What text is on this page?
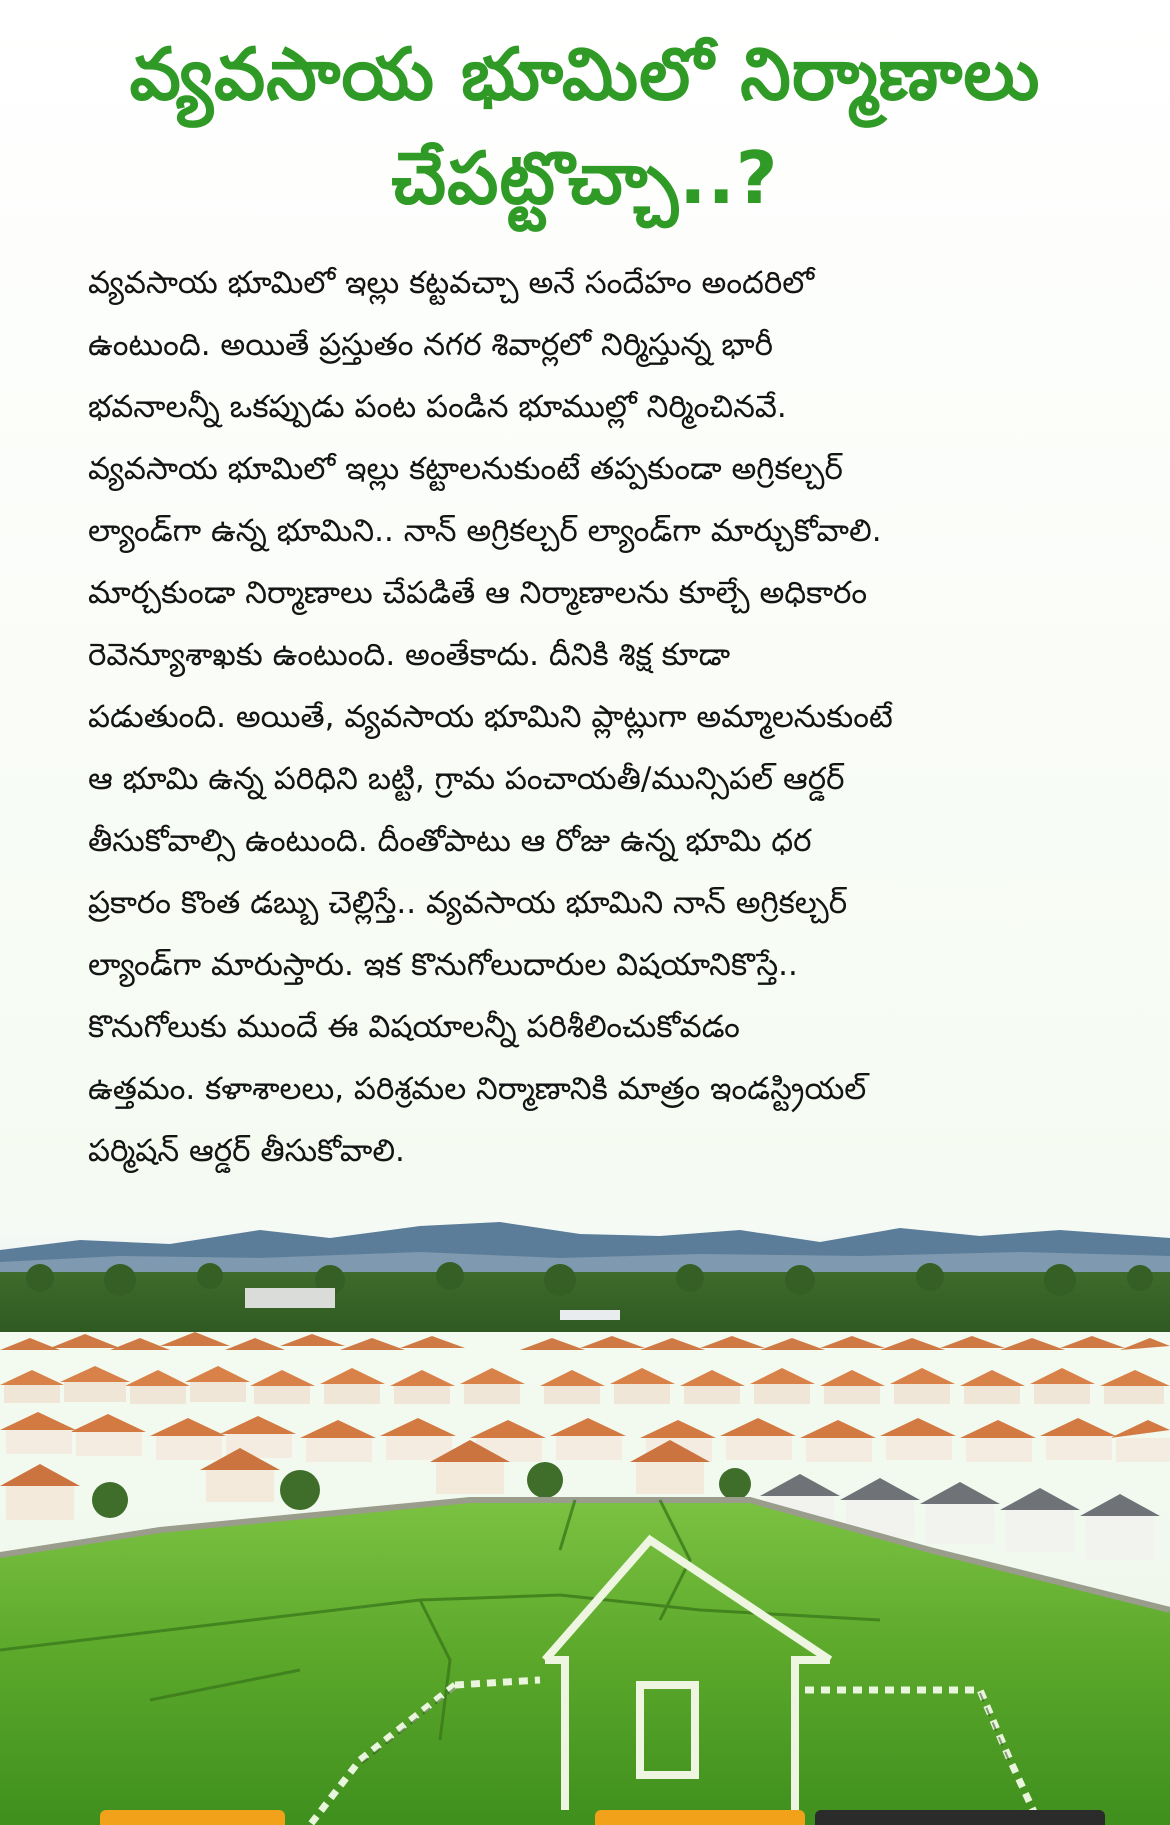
వ్యవసాయ భూమిలో నిర్మాణాలు
చేపట్టొచ్చా..?

వ్యవసాయ భూమిలో ఇల్లు కట్టవచ్చా అనే సందేహం అందరిలో
ఉంటుంది. అయితే ప్రస్తుతం నగర శివార్లలో నిర్మిస్తున్న భారీ
భవనాలన్నీ ఒకప్పుడు పంట పండిన భూముల్లో నిర్మించినవే.
వ్యవసాయ భూమిలో ఇల్లు కట్టాలనుకుంటే తప్పకుండా అగ్రికల్చర్
ల్యాండ్‌గా ఉన్న భూమిని.. నాన్ అగ్రికల్చర్ ల్యాండ్‌గా మార్చుకోవాలి.
మార్చకుండా నిర్మాణాలు చేపడితే ఆ నిర్మాణాలను కూల్చే అధికారం
రెవెన్యూశాఖకు ఉంటుంది. అంతేకాదు. దీనికి శిక్ష కూడా
పడుతుంది. అయితే, వ్యవసాయ భూమిని ప్లాట్లుగా అమ్మాలనుకుంటే
ఆ భూమి ఉన్న పరిధిని బట్టి, గ్రామ పంచాయతీ/మున్సిపల్ ఆర్డర్
తీసుకోవాల్సి ఉంటుంది. దీంతోపాటు ఆ రోజు ఉన్న భూమి ధర
ప్రకారం కొంత డబ్బు చెల్లిస్తే.. వ్యవసాయ భూమిని నాన్ అగ్రికల్చర్
ల్యాండ్‌గా మారుస్తారు. ఇక కొనుగోలుదారుల విషయానికొస్తే..
కొనుగోలుకు ముందే ఈ విషయాలన్నీ పరిశీలించుకోవడం
ఉత్తమం. కళాశాలలు, పరిశ్రమల నిర్మాణానికి మాత్రం ఇండస్ట్రియల్
పర్మిషన్ ఆర్డర్ తీసుకోవాలి.
